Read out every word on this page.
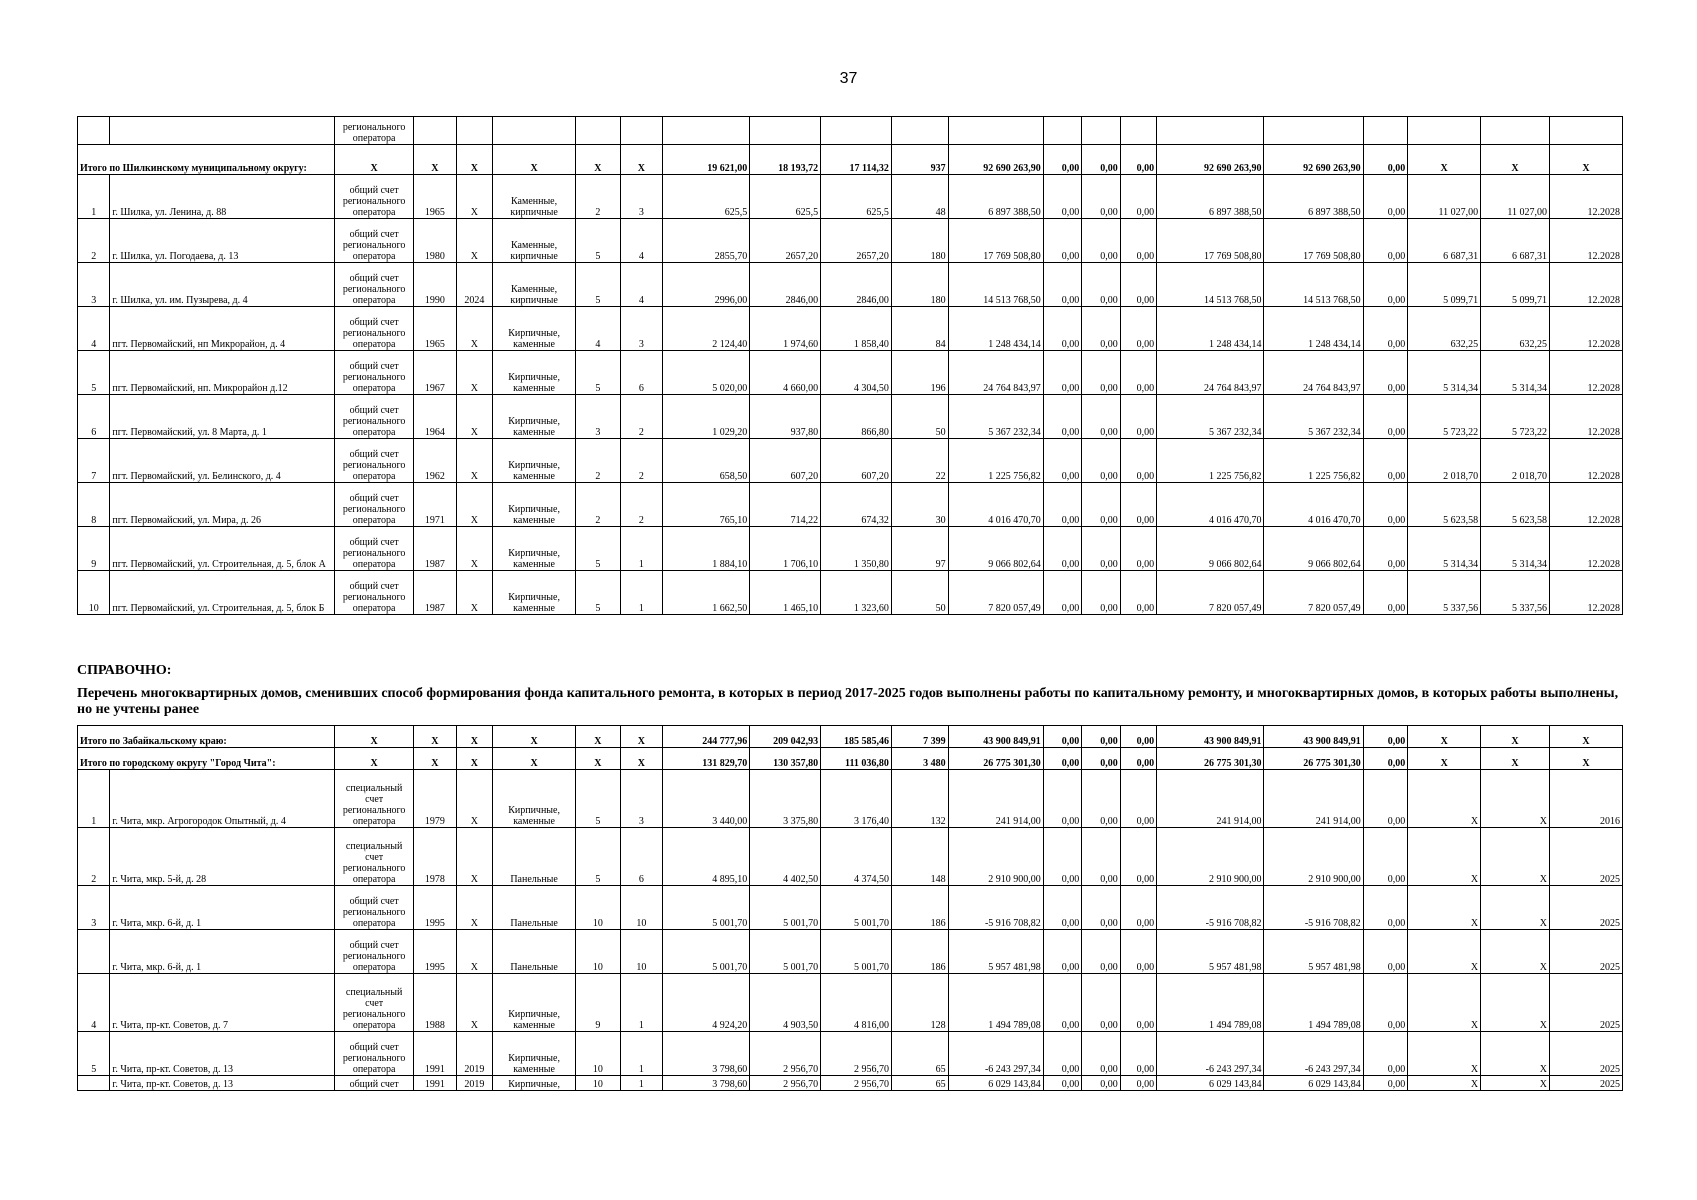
37
		регионального оператора																			
Итого по Шилкинскому муниципальному округу:		X	X	X	X	X	X	19 621,00	18 193,72	17 114,32	937	92 690 263,90	0,00	0,00	0,00	92 690 263,90	92 690 263,90	0,00	X	X	X
1	г. Шилка, ул. Ленина, д. 88	общий счет регионального оператора	1965	X	Каменные, кирпичные	2	3	625,5	625,5	625,5	48	6 897 388,50	0,00	0,00	0,00	6 897 388,50	6 897 388,50	0,00	11 027,00	11 027,00	12.2028
2	г. Шилка, ул. Погодаева, д. 13	общий счет регионального оператора	1980	X	Каменные, кирпичные	5	4	2855,70	2657,20	2657,20	180	17 769 508,80	0,00	0,00	0,00	17 769 508,80	17 769 508,80	0,00	6 687,31	6 687,31	12.2028
3	г. Шилка, ул. им. Пузырева, д. 4	общий счет регионального оператора	1990	2024	Каменные, кирпичные	5	4	2996,00	2846,00	2846,00	180	14 513 768,50	0,00	0,00	0,00	14 513 768,50	14 513 768,50	0,00	5 099,71	5 099,71	12.2028
4	пгт. Первомайский, нп Микрорайон, д. 4	общий счет регионального оператора	1965	X	Кирпичные, каменные	4	3	2 124,40	1 974,60	1 858,40	84	1 248 434,14	0,00	0,00	0,00	1 248 434,14	1 248 434,14	0,00	632,25	632,25	12.2028
5	пгт. Первомайский, нп. Микрорайон д.12	общий счет регионального оператора	1967	X	Кирпичные, каменные	5	6	5 020,00	4 660,00	4 304,50	196	24 764 843,97	0,00	0,00	0,00	24 764 843,97	24 764 843,97	0,00	5 314,34	5 314,34	12.2028
6	пгт. Первомайский, ул. 8 Марта, д. 1	общий счет регионального оператора	1964	X	Кирпичные, каменные	3	2	1 029,20	937,80	866,80	50	5 367 232,34	0,00	0,00	0,00	5 367 232,34	5 367 232,34	0,00	5 723,22	5 723,22	12.2028
7	пгт. Первомайский, ул. Белинского, д. 4	общий счет регионального оператора	1962	X	Кирпичные, каменные	2	2	658,50	607,20	607,20	22	1 225 756,82	0,00	0,00	0,00	1 225 756,82	1 225 756,82	0,00	2 018,70	2 018,70	12.2028
8	пгт. Первомайский, ул. Мира, д. 26	общий счет регионального оператора	1971	X	Кирпичные, каменные	2	2	765,10	714,22	674,32	30	4 016 470,70	0,00	0,00	0,00	4 016 470,70	4 016 470,70	0,00	5 623,58	5 623,58	12.2028
9	пгт. Первомайский, ул. Строительная, д. 5, блок А	общий счет регионального оператора	1987	X	Кирпичные, каменные	5	1	1 884,10	1 706,10	1 350,80	97	9 066 802,64	0,00	0,00	0,00	9 066 802,64	9 066 802,64	0,00	5 314,34	5 314,34	12.2028
10	пгт. Первомайский, ул. Строительная, д. 5, блок Б	общий счет регионального оператора	1987	X	Кирпичные, каменные	5	1	1 662,50	1 465,10	1 323,60	50	7 820 057,49	0,00	0,00	0,00	7 820 057,49	7 820 057,49	0,00	5 337,56	5 337,56	12.2028
СПРАВОЧНО:
Перечень многоквартирных домов, сменивших способ формирования фонда капитального ремонта, в которых в период 2017-2025 годов выполнены работы по капитальному ремонту, и многоквартирных домов, в которых работы выполнены, но не учтены ранее
Итого по Забайкальскому краю:		X	X	X	X	X	X	244 777,96	209 042,93	185 585,46	7 399	43 900 849,91	0,00	0,00	0,00	43 900 849,91	43 900 849,91	0,00	X	X	X
Итого по городскому округу "Город Чита":		X	X	X	X	X	X	131 829,70	130 357,80	111 036,80	3 480	26 775 301,30	0,00	0,00	0,00	26 775 301,30	26 775 301,30	0,00	X	X	X
1	г. Чита, мкр. Агрогородок Опытный, д. 4	специальный счет регионального оператора	1979	X	Кирпичные, каменные	5	3	3 440,00	3 375,80	3 176,40	132	241 914,00	0,00	0,00	0,00	241 914,00	241 914,00	0,00	X	X	2016
2	г. Чита, мкр. 5-й, д. 28	специальный счет регионального оператора	1978	X	Панельные	5	6	4 895,10	4 402,50	4 374,50	148	2 910 900,00	0,00	0,00	0,00	2 910 900,00	2 910 900,00	0,00	X	X	2025
3	г. Чита, мкр. 6-й, д. 1	общий счет регионального оператора	1995	X	Панельные	10	10	5 001,70	5 001,70	5 001,70	186	-5 916 708,82	0,00	0,00	0,00	-5 916 708,82	-5 916 708,82	0,00	X	X	2025
	г. Чита, мкр. 6-й, д. 1	общий счет регионального оператора	1995	X	Панельные	10	10	5 001,70	5 001,70	5 001,70	186	5 957 481,98	0,00	0,00	0,00	5 957 481,98	5 957 481,98	0,00	X	X	2025
4	г. Чита, пр-кт. Советов, д. 7	специальный счет регионального оператора	1988	X	Кирпичные, каменные	9	1	4 924,20	4 903,50	4 816,00	128	1 494 789,08	0,00	0,00	0,00	1 494 789,08	1 494 789,08	0,00	X	X	2025
5	г. Чита, пр-кт. Советов, д. 13	общий счет регионального оператора	1991	2019	Кирпичные, каменные	10	1	3 798,60	2 956,70	2 956,70	65	-6 243 297,34	0,00	0,00	0,00	-6 243 297,34	-6 243 297,34	0,00	X	X	2025
	г. Чита, пр-кт. Советов, д. 13	общий счет	1991	2019	Кирпичные,	10	1	3 798,60	2 956,70	2 956,70	65	6 029 143,84	0,00	0,00	0,00	6 029 143,84	6 029 143,84	0,00	X	X	2025
